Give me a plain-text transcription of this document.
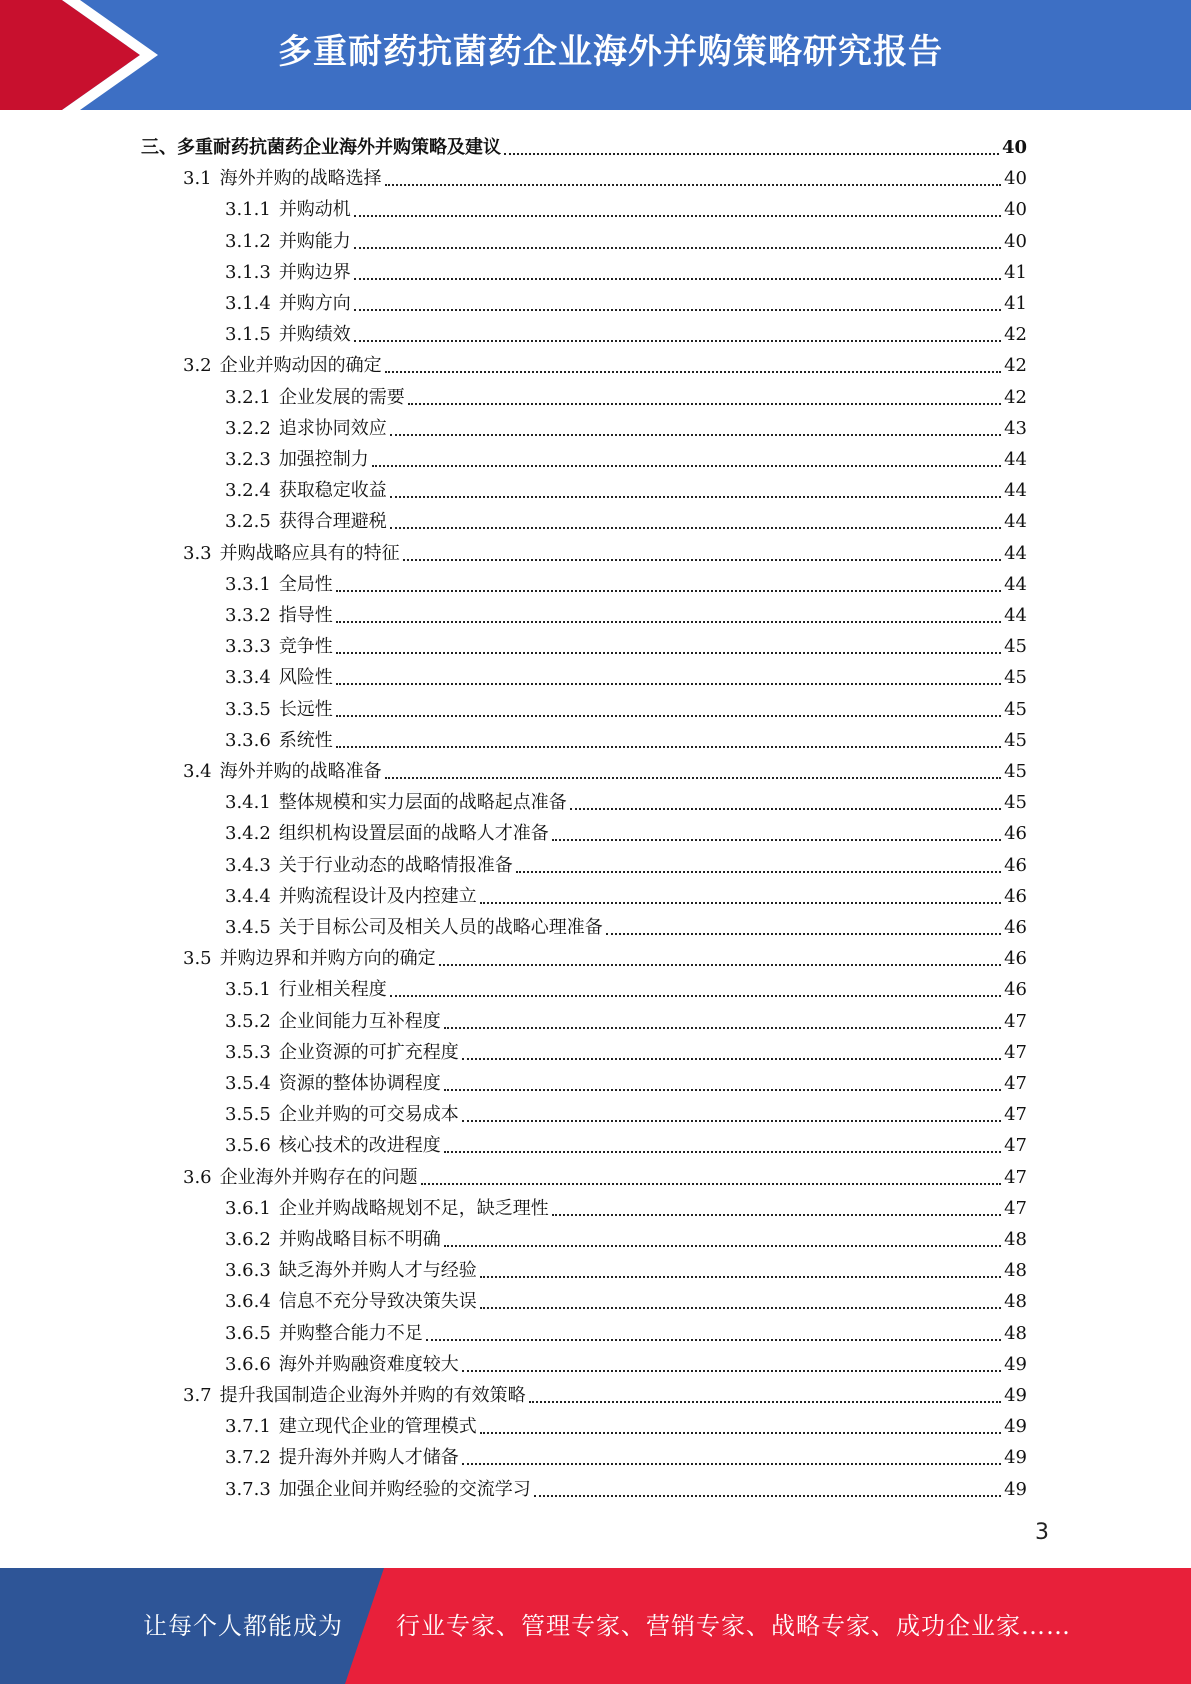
多重耐药抗菌药企业海外并购策略研究报告
三、多重耐药抗菌药企业海外并购策略及建议	40
3.1 海外并购的战略选择	40
3.1.1 并购动机	40
3.1.2 并购能力	40
3.1.3 并购边界	41
3.1.4 并购方向	41
3.1.5 并购绩效	42
3.2 企业并购动因的确定	42
3.2.1 企业发展的需要	42
3.2.2 追求协同效应	43
3.2.3 加强控制力	44
3.2.4 获取稳定收益	44
3.2.5 获得合理避税	44
3.3 并购战略应具有的特征	44
3.3.1 全局性	44
3.3.2 指导性	44
3.3.3 竞争性	45
3.3.4 风险性	45
3.3.5 长远性	45
3.3.6 系统性	45
3.4 海外并购的战略准备	45
3.4.1 整体规模和实力层面的战略起点准备	45
3.4.2 组织机构设置层面的战略人才准备	46
3.4.3 关于行业动态的战略情报准备	46
3.4.4 并购流程设计及内控建立	46
3.4.5 关于目标公司及相关人员的战略心理准备	46
3.5 并购边界和并购方向的确定	46
3.5.1 行业相关程度	46
3.5.2 企业间能力互补程度	47
3.5.3 企业资源的可扩充程度	47
3.5.4 资源的整体协调程度	47
3.5.5 企业并购的可交易成本	47
3.5.6 核心技术的改进程度	47
3.6 企业海外并购存在的问题	47
3.6.1 企业并购战略规划不足，缺乏理性	47
3.6.2 并购战略目标不明确	48
3.6.3 缺乏海外并购人才与经验	48
3.6.4 信息不充分导致决策失误	48
3.6.5 并购整合能力不足	48
3.6.6 海外并购融资难度较大	49
3.7 提升我国制造企业海外并购的有效策略	49
3.7.1 建立现代企业的管理模式	49
3.7.2 提升海外并购人才储备	49
3.7.3 加强企业间并购经验的交流学习	49
3
让每个人都能成为 行业专家、管理专家、营销专家、战略专家、成功企业家……
